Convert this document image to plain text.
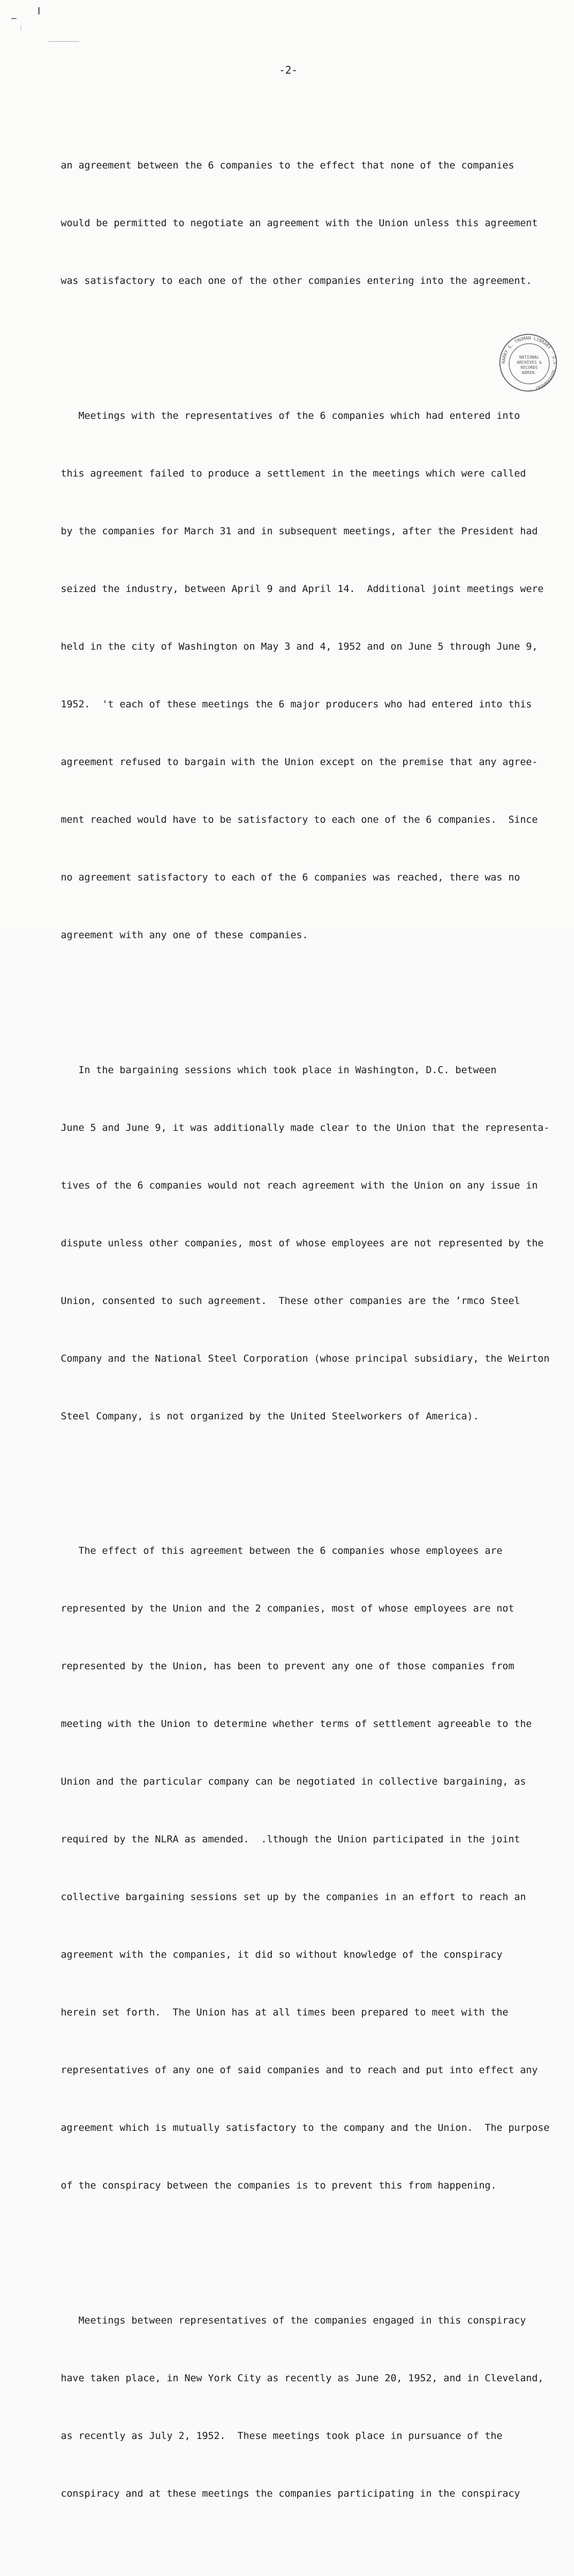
-2-

an agreement between the 6 companies to the effect that none of the companies

would be permitted to negotiate an agreement with the Union unless this agreement

was satisfactory to each one of the other companies entering into the agreement.

Meetings with the representatives of the 6 companies which had entered into

this agreement failed to produce a settlement in the meetings which were called

by the companies for March 31 and in subsequent meetings, after the President had

seized the industry, between April 9 and April 14.  Additional joint meetings were

held in the city of Washington on May 3 and 4, 1952 and on June 5 through June 9,

1952.  't each of these meetings the 6 major producers who had entered into this

agreement refused to bargain with the Union except on the premise that any agree-

ment reached would have to be satisfactory to each one of the 6 companies.  Since

no agreement satisfactory to each of the 6 companies was reached, there was no

agreement with any one of these companies.

In the bargaining sessions which took place in Washington, D.C. between

June 5 and June 9, it was additionally made clear to the Union that the representa-

tives of the 6 companies would not reach agreement with the Union on any issue in

dispute unless other companies, most of whose employees are not represented by the

Union, consented to such agreement.  These other companies are the ’rmco Steel

Company and the National Steel Corporation (whose principal subsidiary, the Weirton

Steel Company, is not organized by the United Steelworkers of America).

The effect of this agreement between the 6 companies whose employees are

represented by the Union and the 2 companies, most of whose employees are not

represented by the Union, has been to prevent any one of those companies from

meeting with the Union to determine whether terms of settlement agreeable to the

Union and the particular company can be negotiated in collective bargaining, as

required by the NLRA as amended.  .lthough the Union participated in the joint

collective bargaining sessions set up by the companies in an effort to reach an

agreement with the companies, it did so without knowledge of the conspiracy

herein set forth.  The Union has at all times been prepared to meet with the

representatives of any one of said companies and to reach and put into effect any

agreement which is mutually satisfactory to the company and the Union.  The purpose

of the conspiracy between the companies is to prevent this from happening.

Meetings between representatives of the companies engaged in this conspiracy

have taken place, in New York City as recently as June 20, 1952, and in Cleveland,

as recently as July 2, 1952.  These meetings took place in pursuance of the

conspiracy and at these meetings the companies participating in the conspiracy

HARRY S. TRUMAN LIBRARY · U.S. GOVERNMENT ·
NATIONAL
ARCHIVES &
RECORDS
ADMIN.
